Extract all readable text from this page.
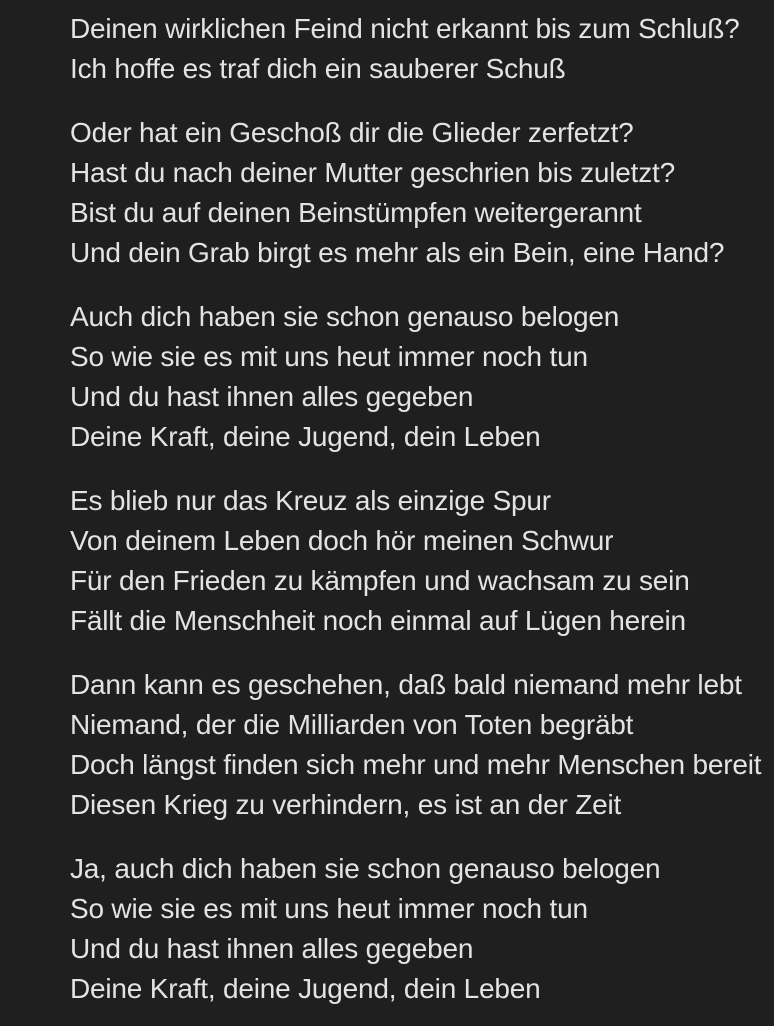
Deinen wirklichen Feind nicht erkannt bis zum Schluß?

Ich hoffe es traf dich ein sauberer Schuß

Oder hat ein Geschoß dir die Glieder zerfetzt?

Hast du nach deiner Mutter geschrien bis zuletzt?

Bist du auf deinen Beinstümpfen weitergerannt

Und dein Grab birgt es mehr als ein Bein, eine Hand?

Auch dich haben sie schon genauso belogen

So wie sie es mit uns heut immer noch tun

Und du hast ihnen alles gegeben

Deine Kraft, deine Jugend, dein Leben

Es blieb nur das Kreuz als einzige Spur

Von deinem Leben doch hör meinen Schwur

Für den Frieden zu kämpfen und wachsam zu sein

Fällt die Menschheit noch einmal auf Lügen herein

Dann kann es geschehen, daß bald niemand mehr lebt

Niemand, der die Milliarden von Toten begräbt

Doch längst finden sich mehr und mehr Menschen bereit

Diesen Krieg zu verhindern, es ist an der Zeit

Ja, auch dich haben sie schon genauso belogen

So wie sie es mit uns heut immer noch tun

Und du hast ihnen alles gegeben

Deine Kraft, deine Jugend, dein Leben
